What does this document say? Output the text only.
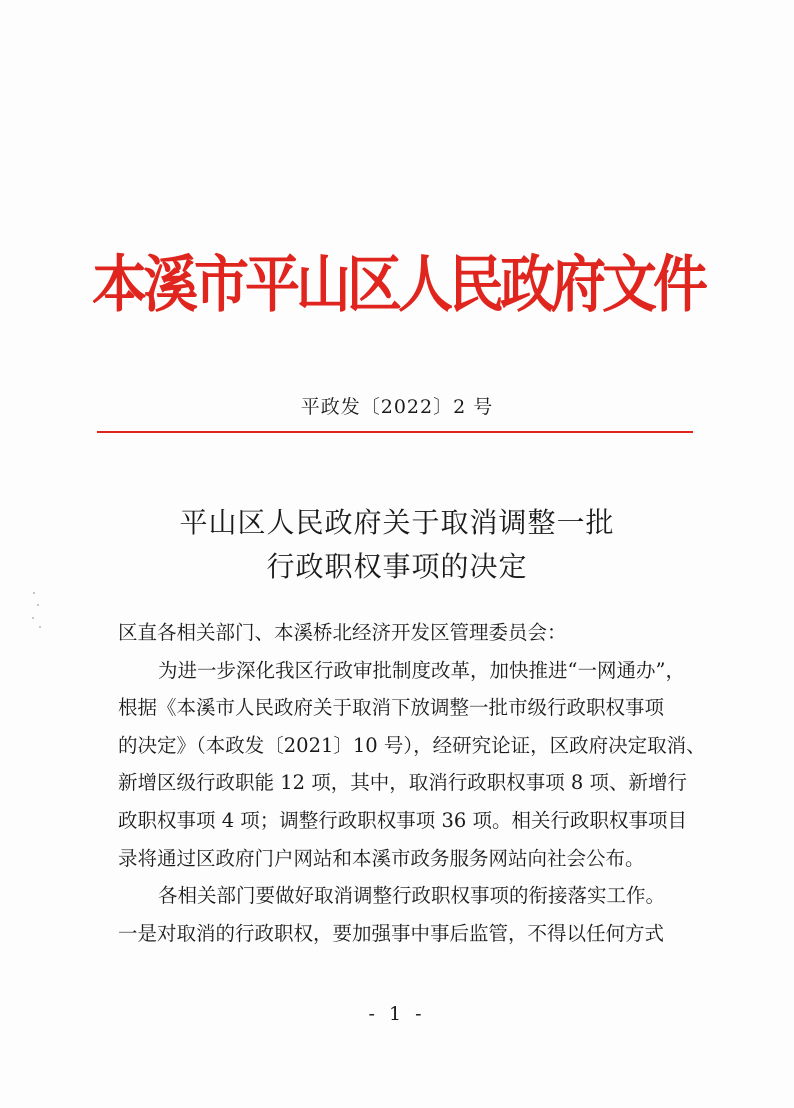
本溪市平山区人民政府文件
平政发〔2022〕2 号
平山区人民政府关于取消调整一批
行政职权事项的决定
区直各相关部门、本溪桥北经济开发区管理委员会：
为进一步深化我区行政审批制度改革，加快推进“一网通办”，
根据《本溪市人民政府关于取消下放调整一批市级行政职权事项
的决定》（本政发〔2021〕10 号），经研究论证，区政府决定取消、
新增区级行政职能 12 项，其中，取消行政职权事项 8 项、新增行
政职权事项 4 项；调整行政职权事项 36 项。相关行政职权事项目
录将通过区政府门户网站和本溪市政务服务网站向社会公布。
各相关部门要做好取消调整行政职权事项的衔接落实工作。
一是对取消的行政职权，要加强事中事后监管，不得以任何方式
- 1 -
